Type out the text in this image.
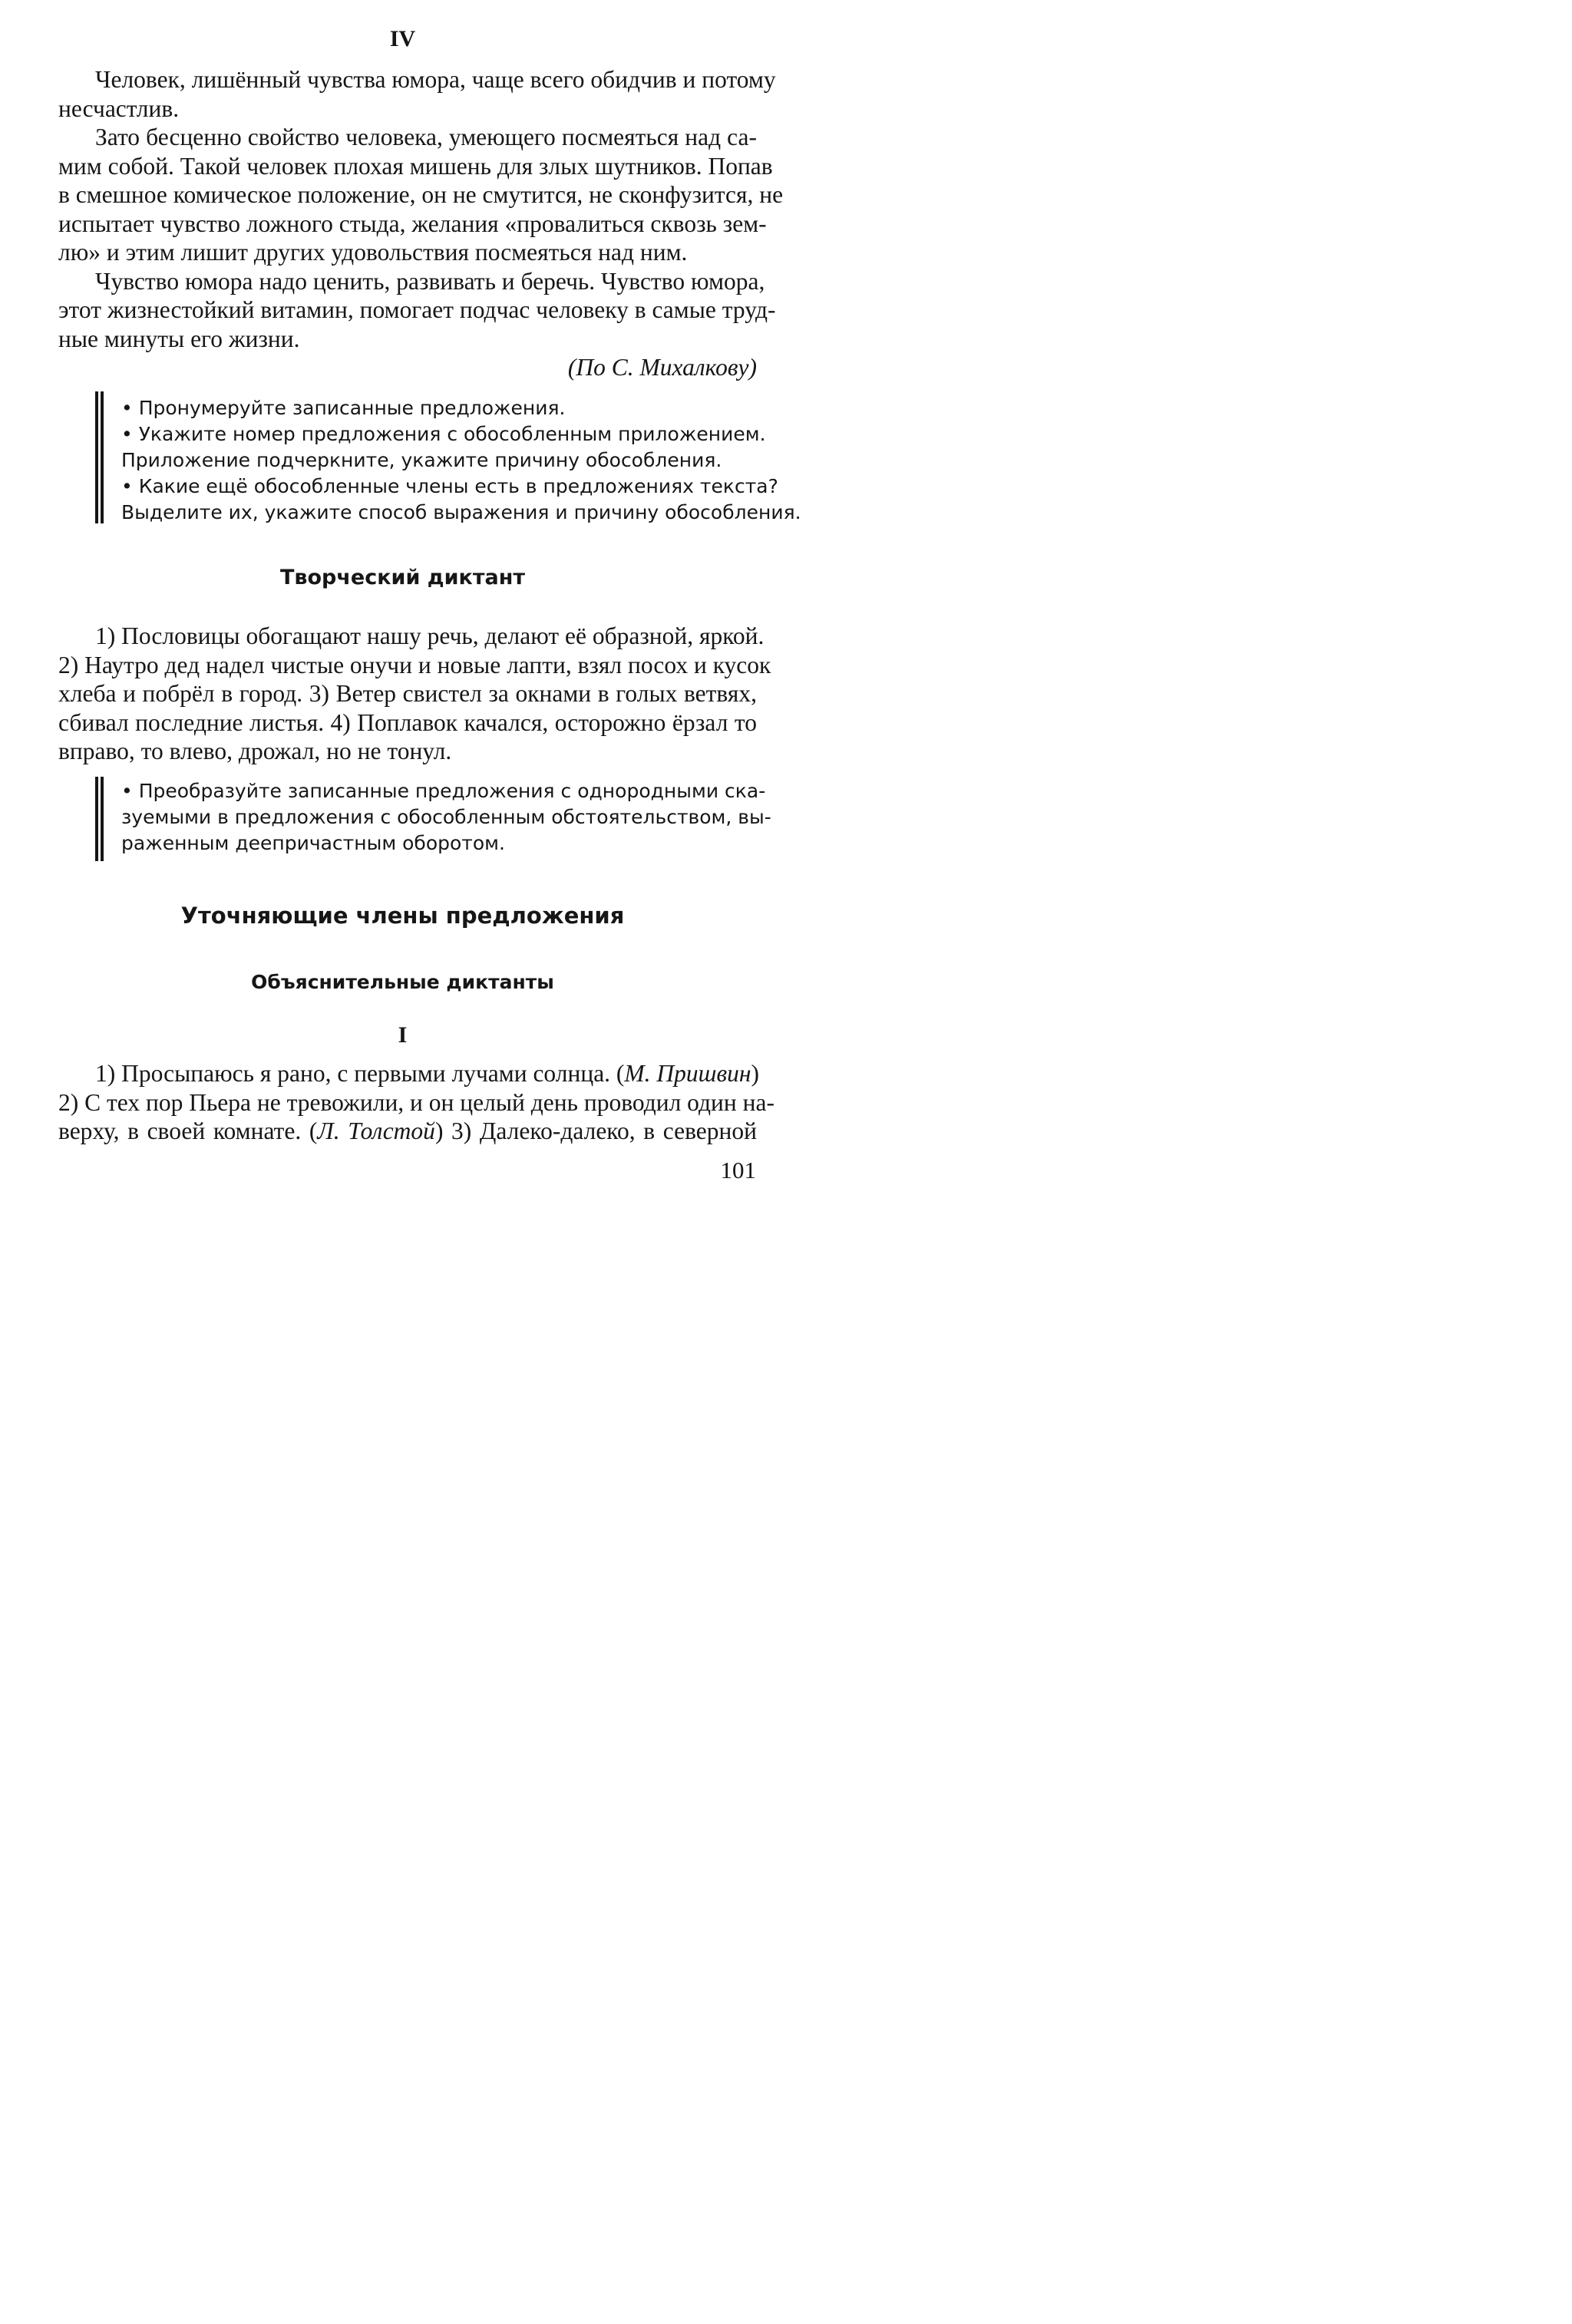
IV
Человек, лишённый чувства юмора, чаще всего обидчив и потому
несчастлив.
Зато бесценно свойство человека, умеющего посмеяться над са-
мим собой. Такой человек плохая мишень для злых шутников. Попав
в смешное комическое положение, он не смутится, не сконфузится, не
испытает чувство ложного стыда, желания «провалиться сквозь зем-
лю» и этим лишит других удовольствия посмеяться над ним.
Чувство юмора надо ценить, развивать и беречь. Чувство юмора,
этот жизнестойкий витамин, помогает подчас человеку в самые труд-
ные минуты его жизни.
(По С. Михалкову)
• Пронумеруйте записанные предложения.
• Укажите номер предложения с обособленным приложением.
Приложение подчеркните, укажите причину обособления.
• Какие ещё обособленные члены есть в предложениях текста?
Выделите их, укажите способ выражения и причину обособления.
Творческий диктант
1) Пословицы обогащают нашу речь, делают её образной, яркой.
2) Наутро дед надел чистые онучи и новые лапти, взял посох и кусок
хлеба и побрёл в город. 3) Ветер свистел за окнами в голых ветвях,
сбивал последние листья. 4) Поплавок качался, осторожно ёрзал то
вправо, то влево, дрожал, но не тонул.
• Преобразуйте записанные предложения с однородными ска-
зуемыми в предложения с обособленным обстоятельством, вы-
раженным деепричастным оборотом.
Уточняющие члены предложения
Объяснительные диктанты
I
1) Просыпаюсь я рано, с первыми лучами солнца. (М. Пришвин)
2) С тех пор Пьера не тревожили, и он целый день проводил один на-
верху, в своей комнате. (Л. Толстой) 3) Далеко-далеко, в северной
101
